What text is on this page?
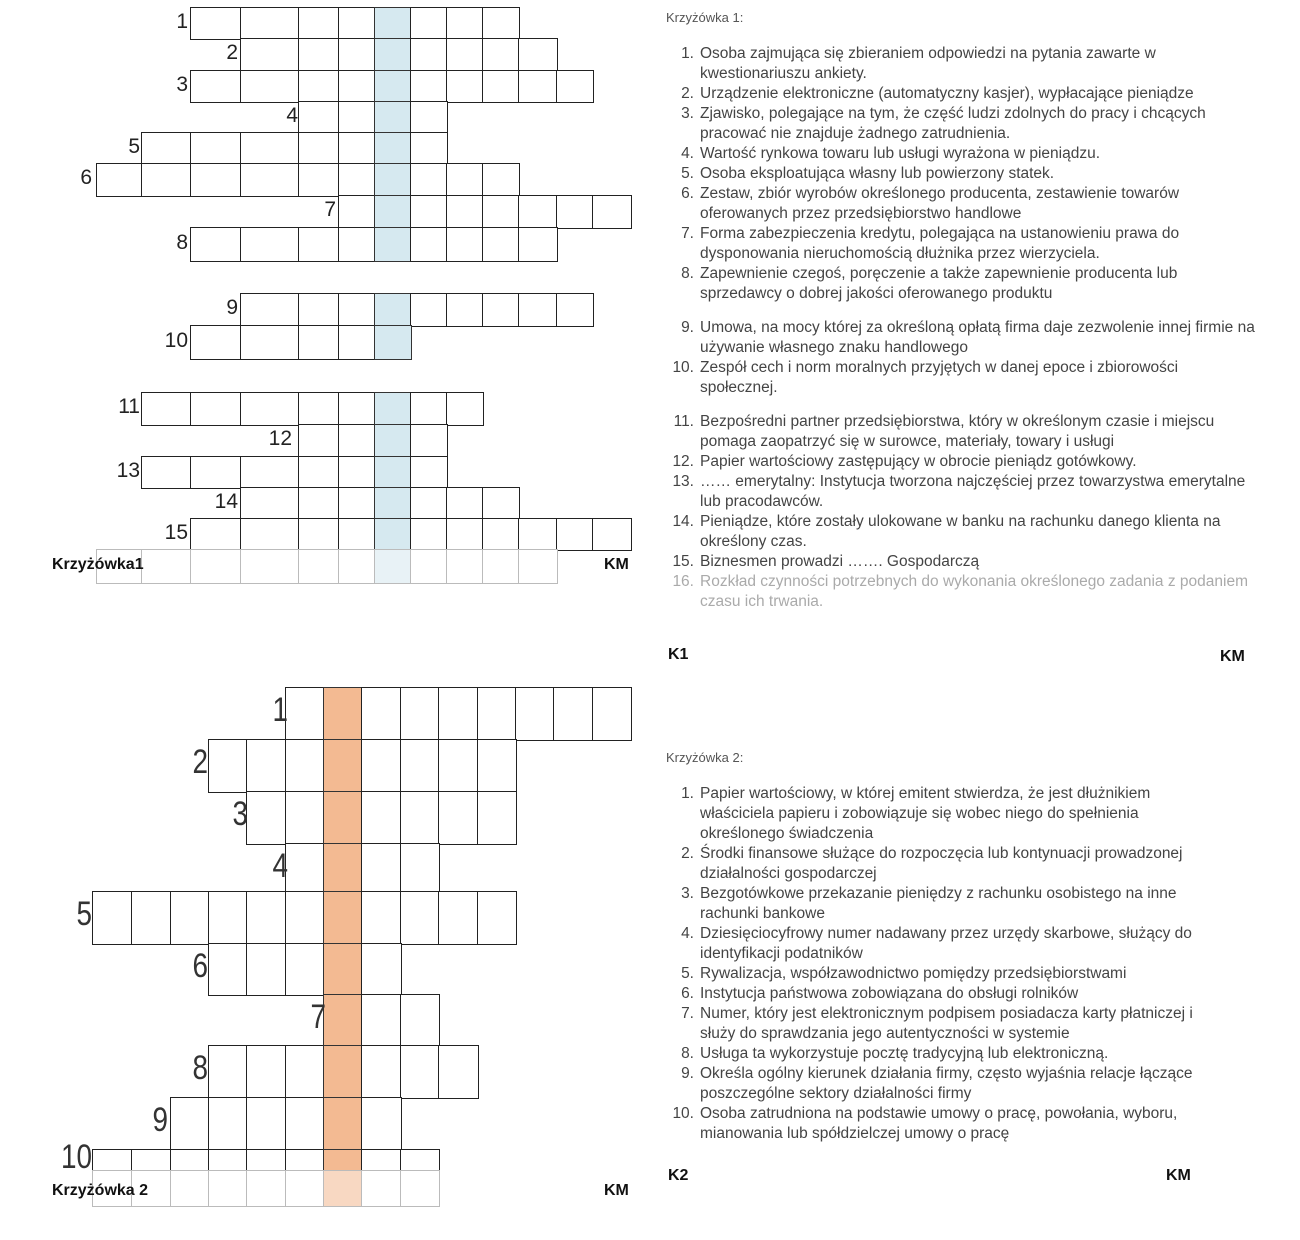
1
2
3
4
5
6
7
8
9
10
11
12
13
14
15
Krzyżówka1	KM
1
2
3
4
5
6
7
8
9
10
Krzyżówka 2	KM
Krzyżówka 1:
1. Osoba zajmująca się zbieraniem odpowiedzi na pytania zawarte w kwestionariuszu ankiety.
2. Urządzenie elektroniczne (automatyczny kasjer), wypłacające pieniądze
3. Zjawisko, polegające na tym, że część ludzi zdolnych do pracy i chcących pracować nie znajduje żadnego zatrudnienia.
4. Wartość rynkowa towaru lub usługi wyrażona w pieniądzu.
5. Osoba eksploatująca własny lub powierzony statek.
6. Zestaw, zbiór wyrobów określonego producenta, zestawienie towarów oferowanych przez przedsiębiorstwo handlowe
7. Forma zabezpieczenia kredytu, polegająca na ustanowieniu prawa do dysponowania nieruchomością dłużnika przez wierzyciela.
8. Zapewnienie czegoś, poręczenie a także zapewnienie producenta lub sprzedawcy o dobrej jakości oferowanego produktu
9. Umowa, na mocy której za określoną opłatą firma daje zezwolenie innej firmie na używanie własnego znaku handlowego
10. Zespół cech i norm moralnych przyjętych w danej epoce i zbiorowości społecznej.
11. Bezpośredni partner przedsiębiorstwa, który w określonym czasie i miejscu pomaga zaopatrzyć się w surowce, materiały, towary i usługi
12. Papier wartościowy zastępujący w obrocie pieniądz gotówkowy.
13. …… emerytalny: Instytucja tworzona najczęściej przez towarzystwa emerytalne lub pracodawców.
14. Pieniądze, które zostały ulokowane w banku na rachunku danego klienta na określony czas.
15. Biznesmen prowadzi ……. Gospodarczą
16. Rozkład czynności potrzebnych do wykonania określonego zadania z podaniem czasu ich trwania.
K1	KM
Krzyżówka 2:
1. Papier wartościowy, w której emitent stwierdza, że jest dłużnikiem właściciela papieru i zobowiązuje się wobec niego do spełnienia określonego świadczenia
2. Środki finansowe służące do rozpoczęcia lub kontynuacji prowadzonej działalności gospodarczej
3. Bezgotówkowe przekazanie pieniędzy z rachunku osobistego na inne rachunki bankowe
4. Dziesięciocyfrowy numer nadawany przez urzędy skarbowe, służący do identyfikacji podatników
5. Rywalizacja, współzawodnictwo pomiędzy przedsiębiorstwami
6. Instytucja państwowa zobowiązana do obsługi rolników
7. Numer, który jest elektronicznym podpisem posiadacza karty płatniczej i służy do sprawdzania jego autentyczności w systemie
8. Usługa ta wykorzystuje pocztę tradycyjną lub elektroniczną.
9. Określa ogólny kierunek działania firmy, często wyjaśnia relacje łączące poszczególne sektory działalności firmy
10. Osoba zatrudniona na podstawie umowy o pracę, powołania, wyboru, mianowania lub spółdzielczej umowy o pracę
K2	KM
